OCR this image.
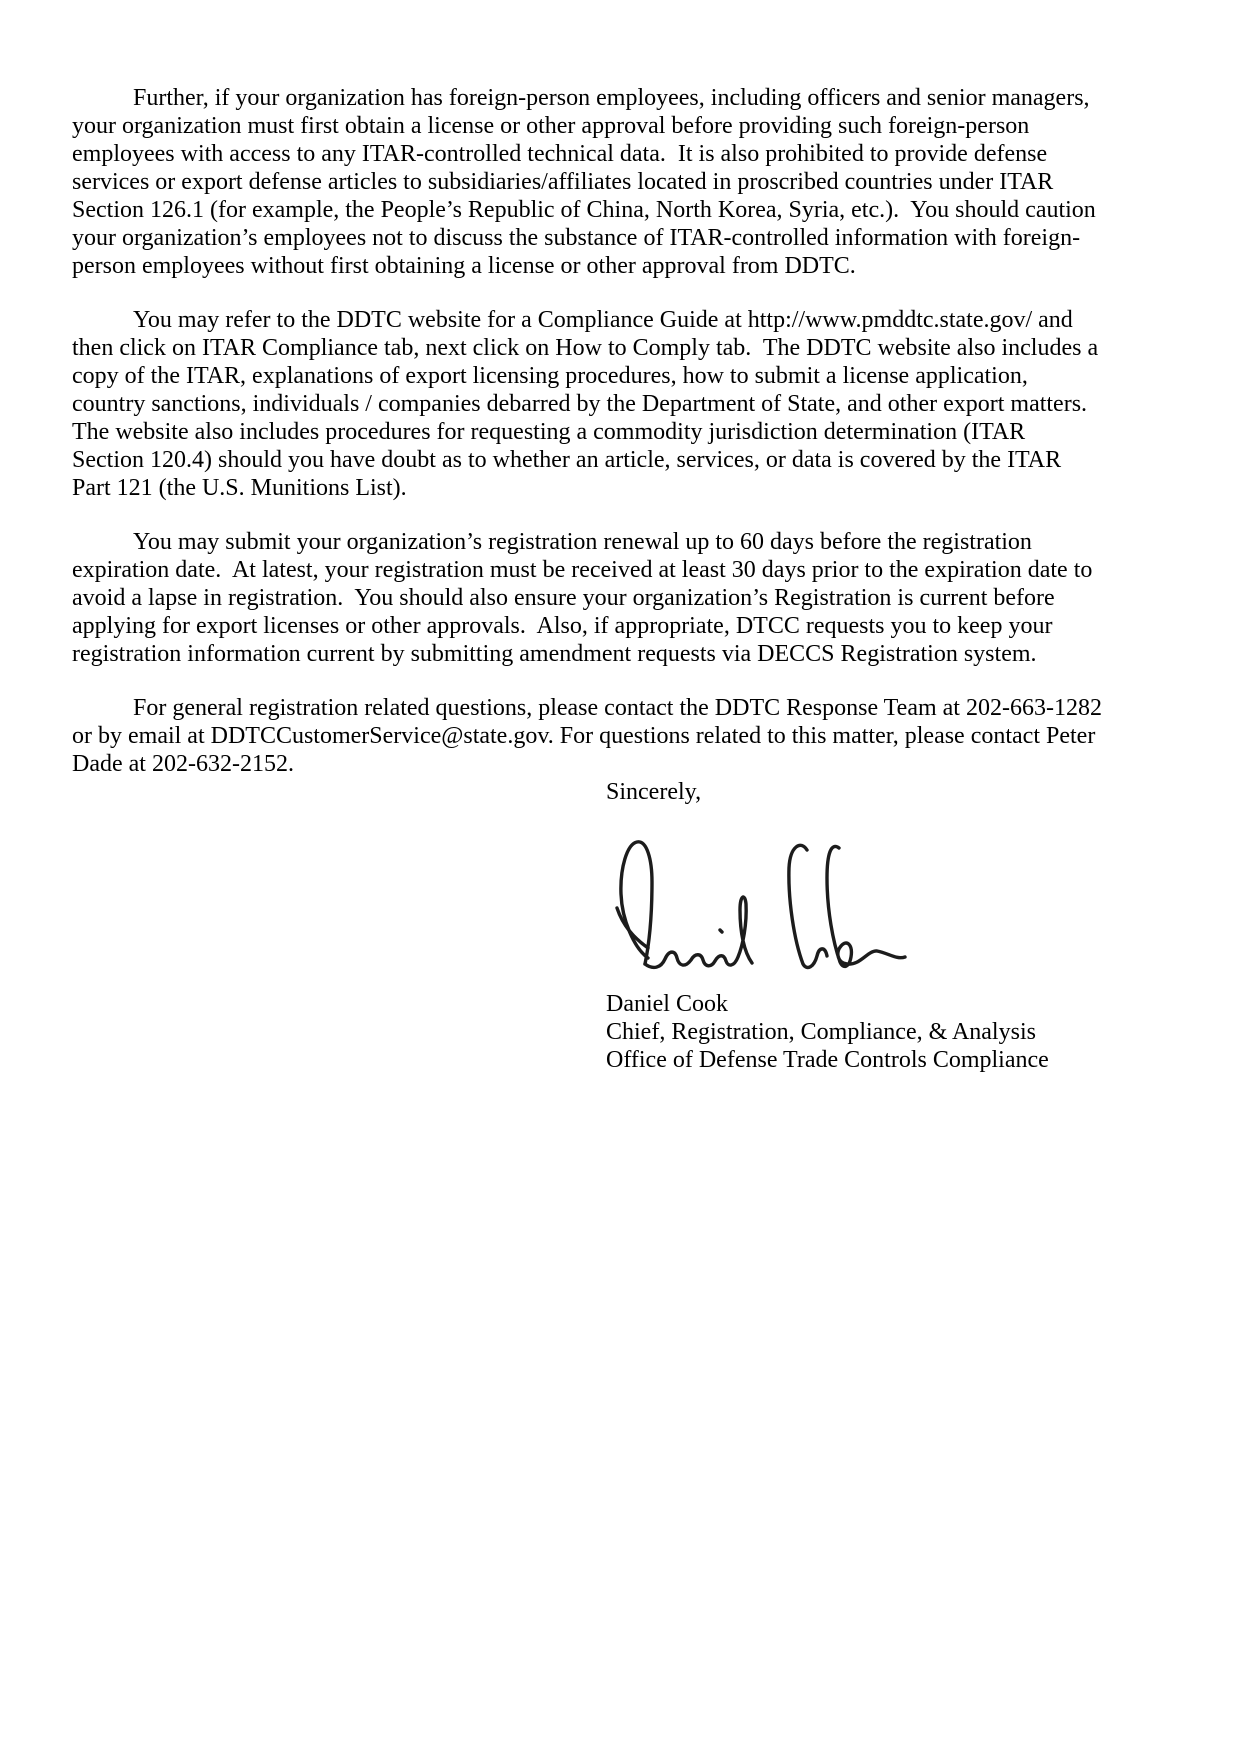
Further, if your organization has foreign-person employees, including officers and senior managers,
your organization must first obtain a license or other approval before providing such foreign-person
employees with access to any ITAR-controlled technical data.  It is also prohibited to provide defense
services or export defense articles to subsidiaries/affiliates located in proscribed countries under ITAR
Section 126.1 (for example, the People’s Republic of China, North Korea, Syria, etc.).  You should caution
your organization’s employees not to discuss the substance of ITAR-controlled information with foreign-
person employees without first obtaining a license or other approval from DDTC.
You may refer to the DDTC website for a Compliance Guide at http://www.pmddtc.state.gov/ and
then click on ITAR Compliance tab, next click on How to Comply tab.  The DDTC website also includes a
copy of the ITAR, explanations of export licensing procedures, how to submit a license application,
country sanctions, individuals / companies debarred by the Department of State, and other export matters.
The website also includes procedures for requesting a commodity jurisdiction determination (ITAR
Section 120.4) should you have doubt as to whether an article, services, or data is covered by the ITAR
Part 121 (the U.S. Munitions List).
You may submit your organization’s registration renewal up to 60 days before the registration
expiration date.  At latest, your registration must be received at least 30 days prior to the expiration date to
avoid a lapse in registration.  You should also ensure your organization’s Registration is current before
applying for export licenses or other approvals.  Also, if appropriate, DTCC requests you to keep your
registration information current by submitting amendment requests via DECCS Registration system.
For general registration related questions, please contact the DDTC Response Team at 202-663-1282
or by email at DDTCCustomerService@state.gov. For questions related to this matter, please contact Peter
Dade at 202-632-2152.
Sincerely,
Daniel Cook
Chief, Registration, Compliance, & Analysis
Office of Defense Trade Controls Compliance
